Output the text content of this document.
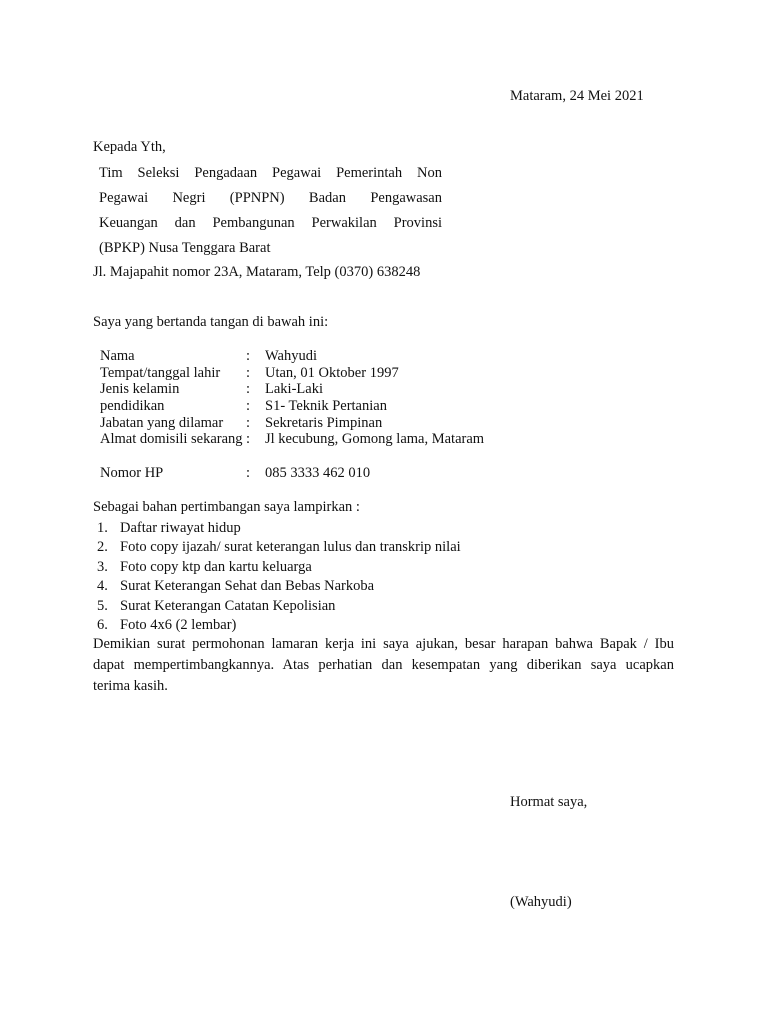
Mataram, 24 Mei 2021
Kepada Yth,
Tim Seleksi Pengadaan Pegawai Pemerintah Non
Pegawai Negri (PPNPN) Badan Pengawasan
Keuangan dan Pembangunan Perwakilan Provinsi
(BPKP) Nusa Tenggara Barat
Jl. Majapahit nomor 23A, Mataram, Telp (0370) 638248
Saya yang bertanda tangan di bawah ini:
Nama	: Wahyudi
Tempat/tanggal lahir	: Utan, 01 Oktober 1997
Jenis kelamin	: Laki-Laki
pendidikan	: S1- Teknik Pertanian
Jabatan yang dilamar	: Sekretaris Pimpinan
Almat domisili sekarang : Jl kecubung, Gomong lama, Mataram
Nomor HP	: 085 3333 462 010
Sebagai bahan pertimbangan saya lampirkan :
1. Daftar riwayat hidup
2. Foto copy ijazah/ surat keterangan lulus dan transkrip nilai
3. Foto copy ktp dan kartu keluarga
4. Surat Keterangan Sehat dan Bebas Narkoba
5. Surat Keterangan Catatan Kepolisian
6. Foto 4x6 (2 lembar)
Demikian surat permohonan lamaran kerja ini saya ajukan, besar harapan bahwa Bapak / Ibu
dapat mempertimbangkannya. Atas perhatian dan kesempatan yang diberikan saya ucapkan
terima kasih.
Hormat saya,
(Wahyudi)
